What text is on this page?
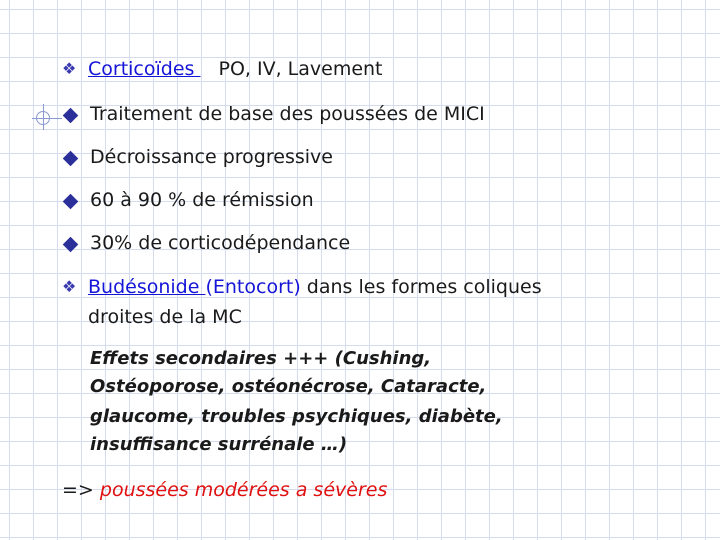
❖ Corticoïdes PO, IV, Lavement
Traitement de base des poussées de MICI
Décroissance progressive
60 à 90 % de rémission
30% de corticodépendance
❖ Budésonide (Entocort) dans les formes coliques
droites de la MC
Effets secondaires +++ (Cushing,
Ostéoporose, ostéonécrose, Cataracte,
glaucome, troubles psychiques, diabète,
insuffisance surrénale …)
=> poussées modérées a sévères
